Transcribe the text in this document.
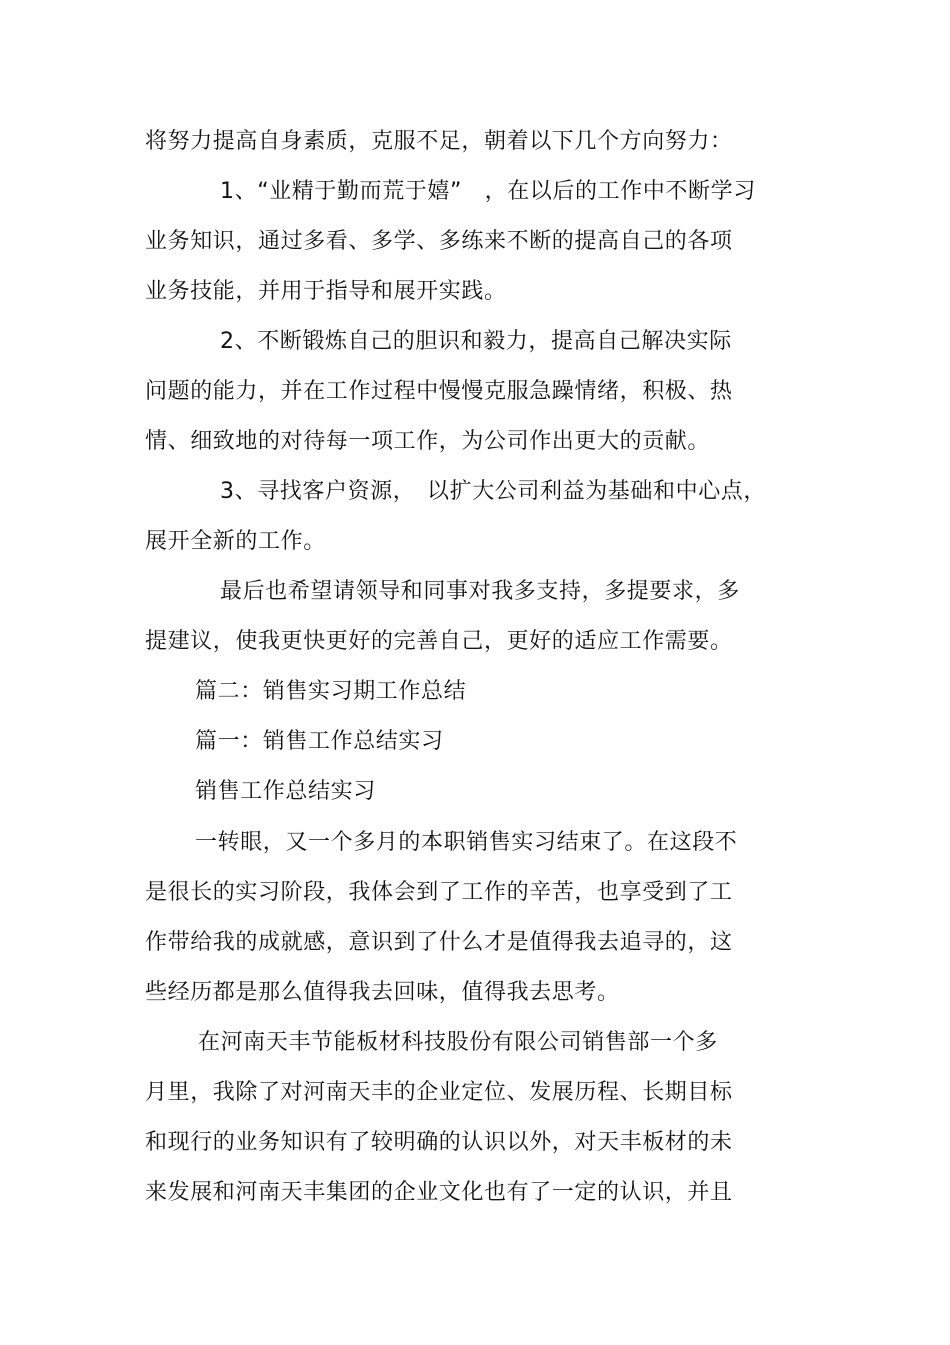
将努力提高自身素质，克服不足，朝着以下几个方向努力：
1、“业精于勤而荒于嬉”　，在以后的工作中不断学习
业务知识，通过多看、多学、多练来不断的提高自己的各项
业务技能，并用于指导和展开实践。
2、不断锻炼自己的胆识和毅力，提高自己解决实际
问题的能力，并在工作过程中慢慢克服急躁情绪，积极、热
情、细致地的对待每一项工作，为公司作出更大的贡献。
3、寻找客户资源，　以扩大公司利益为基础和中心点，
展开全新的工作。
最后也希望请领导和同事对我多支持，多提要求，多
提建议，使我更快更好的完善自己，更好的适应工作需要。
篇二：销售实习期工作总结
篇一：销售工作总结实习
销售工作总结实习
一转眼，又一个多月的本职销售实习结束了。在这段不
是很长的实习阶段，我体会到了工作的辛苦，也享受到了工
作带给我的成就感，意识到了什么才是值得我去追寻的，这
些经历都是那么值得我去回味，值得我去思考。
在河南天丰节能板材科技股份有限公司销售部一个多
月里，我除了对河南天丰的企业定位、发展历程、长期目标
和现行的业务知识有了较明确的认识以外，对天丰板材的未
来发展和河南天丰集团的企业文化也有了一定的认识，并且
